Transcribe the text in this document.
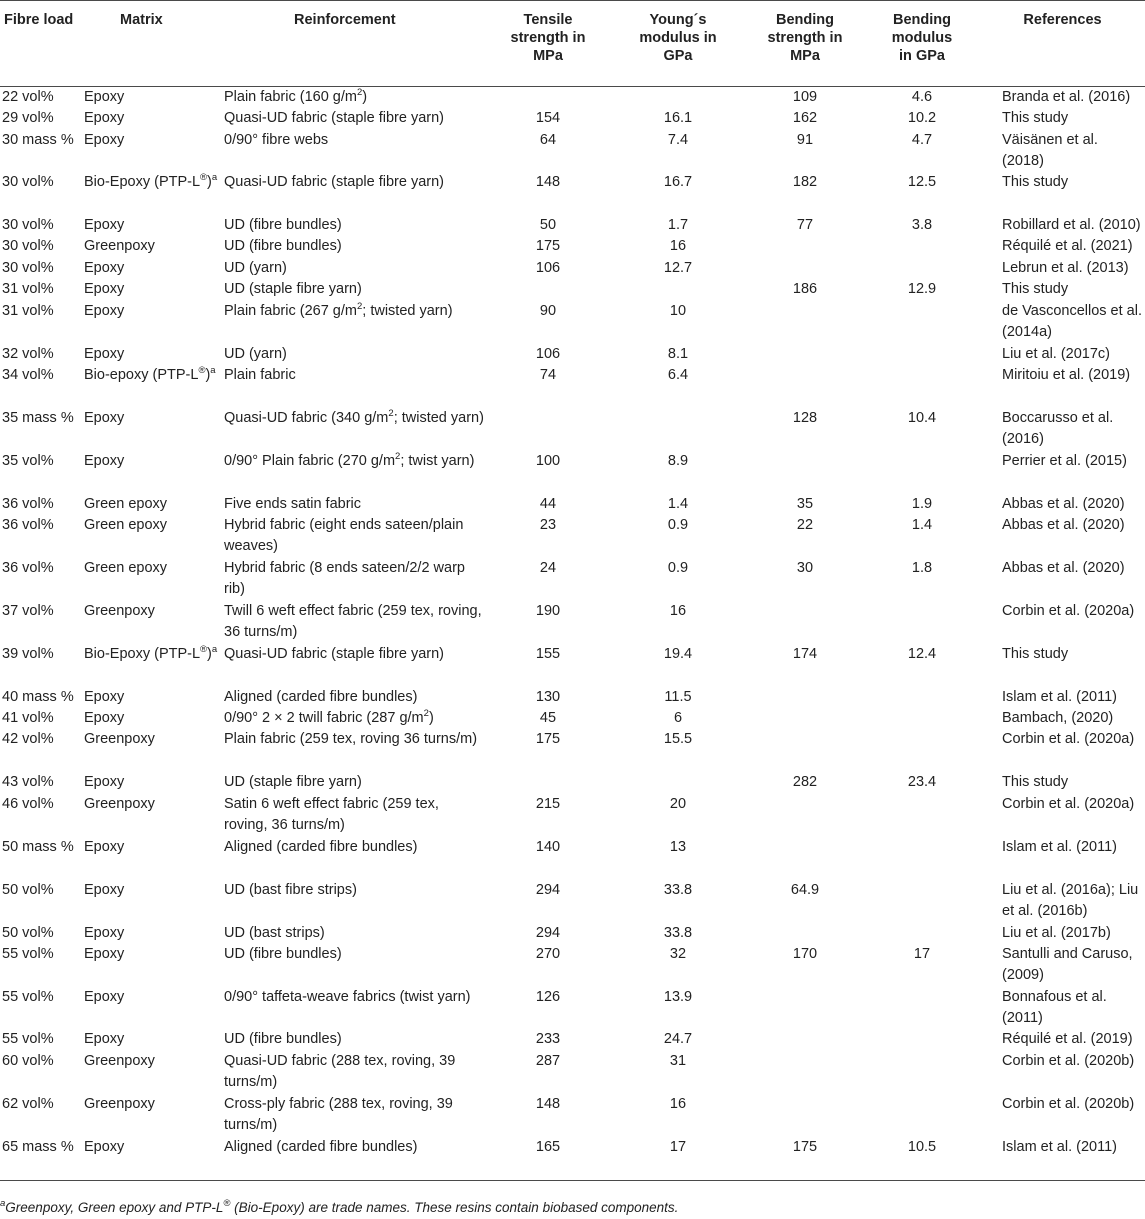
Fibre load	Matrix	Reinforcement	Tensile strength in MPa	Young´s modulus in GPa	Bending strength in MPa	Bending modulus in GPa	References
22 vol%	Epoxy	Plain fabric (160 $g/m^2$)			109	4.6	Branda et al. (2016)
29 vol%	Epoxy	Quasi-UD fabric (staple fibre yarn)	154	16.1	162	10.2	This study
30 mass %	Epoxy	0/90° fibre webs	64	7.4	91	4.7	Väisänen et al. (2018)
30 vol%	Bio-Epoxy $(PTP-L®)^a$	Quasi-UD fabric (staple fibre yarn)	148	16.7	182	12.5	This study
30 vol%	Epoxy	UD (fibre bundles)	50	1.7	77	3.8	Robillard et al. (2010)
30 vol%	Greenpoxy	UD (fibre bundles)	175	16			Réquilé et al. (2021)
30 vol%	Epoxy	UD (yarn)	106	12.7			Lebrun et al. (2013)
31 vol%	Epoxy	UD (staple fibre yarn)			186	12.9	This study
31 vol%	Epoxy	Plain fabric (267 $g/m^2$; twisted yarn)	90	10			de Vasconcellos et al. (2014a)
32 vol%	Epoxy	UD (yarn)	106	8.1			Liu et al. (2017c)
34 vol%	Bio-epoxy $(PTP-L®)^a$	Plain fabric	74	6.4			Miritoiu et al. (2019)
35 mass %	Epoxy	Quasi-UD fabric (340 $g/m^2$; twisted yarn)			128	10.4	Boccarusso et al. (2016)
35 vol%	Epoxy	0/90° Plain fabric (270 $g/m^2$; twist yarn)	100	8.9			Perrier et al. (2015)
36 vol%	Green epoxy	Five ends satin fabric	44	1.4	35	1.9	Abbas et al. (2020)
36 vol%	Green epoxy	Hybrid fabric (eight ends sateen/plain weaves)	23	0.9	22	1.4	Abbas et al. (2020)
36 vol%	Green epoxy	Hybrid fabric (8 ends sateen/2/2 warp rib)	24	0.9	30	1.8	Abbas et al. (2020)
37 vol%	Greenpoxy	Twill 6 weft effect fabric (259 tex, roving, 36 turns/m)	190	16			Corbin et al. (2020a)
39 vol%	Bio-Epoxy $(PTP-L®)^a$	Quasi-UD fabric (staple fibre yarn)	155	19.4	174	12.4	This study
40 mass %	Epoxy	Aligned (carded fibre bundles)	130	11.5			Islam et al. (2011)
41 vol%	Epoxy	0/90° 2 × 2 twill fabric (287 $g/m^2$)	45	6			Bambach, (2020)
42 vol%	Greenpoxy	Plain fabric (259 tex, roving 36 turns/m)	175	15.5			Corbin et al. (2020a)
43 vol%	Epoxy	UD (staple fibre yarn)			282	23.4	This study
46 vol%	Greenpoxy	Satin 6 weft effect fabric (259 tex, roving, 36 turns/m)	215	20			Corbin et al. (2020a)
50 mass %	Epoxy	Aligned (carded fibre bundles)	140	13			Islam et al. (2011)
50 vol%	Epoxy	UD (bast fibre strips)	294	33.8	64.9		Liu et al. (2016a); Liu et al. (2016b)
50 vol%	Epoxy	UD (bast strips)	294	33.8			Liu et al. (2017b)
55 vol%	Epoxy	UD (fibre bundles)	270	32	170	17	Santulli and Caruso, (2009)
55 vol%	Epoxy	0/90° taffeta-weave fabrics (twist yarn)	126	13.9			Bonnafous et al. (2011)
55 vol%	Epoxy	UD (fibre bundles)	233	24.7			Réquilé et al. (2019)
60 vol%	Greenpoxy	Quasi-UD fabric (288 tex, roving, 39 turns/m)	287	31			Corbin et al. (2020b)
62 vol%	Greenpoxy	Cross-ply fabric (288 tex, roving, 39 turns/m)	148	16			Corbin et al. (2020b)
65 mass %	Epoxy	Aligned (carded fibre bundles)	165	17	175	10.5	Islam et al. (2011)
$^a$Greenpoxy, Green epoxy and PTP-L® (Bio-Epoxy) are trade names. These resins contain biobased components.
